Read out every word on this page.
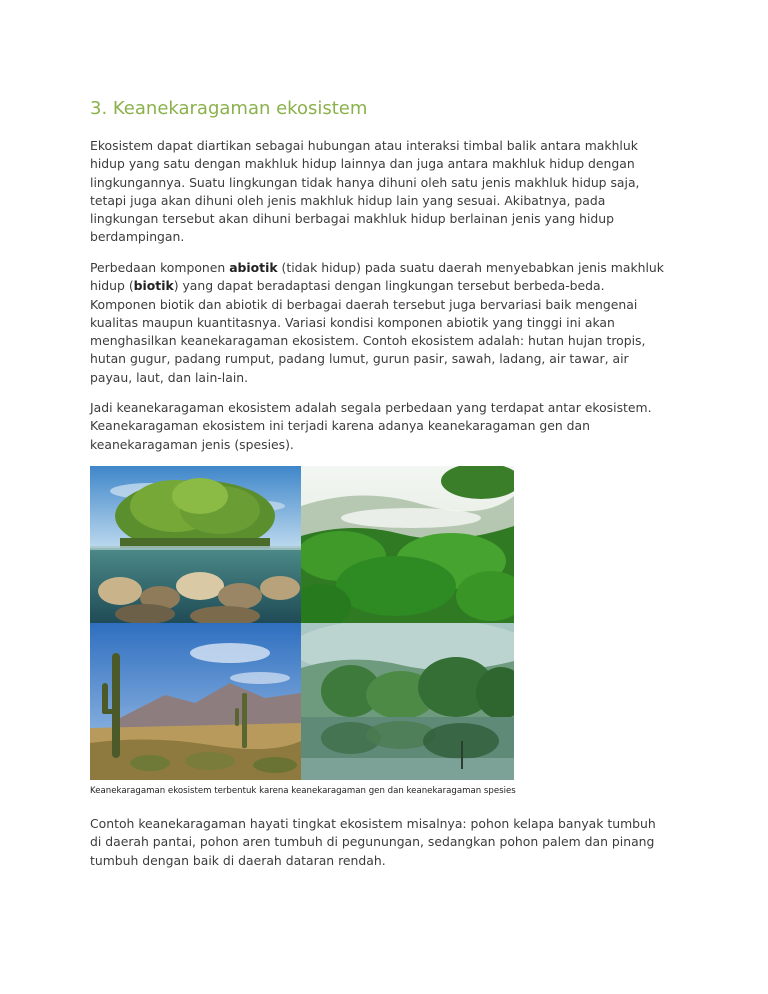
3. Keanekaragaman ekosistem

Ekosistem dapat diartikan sebagai hubungan atau interaksi timbal balik antara makhluk
hidup yang satu dengan makhluk hidup lainnya dan juga antara makhluk hidup dengan
lingkungannya. Suatu lingkungan tidak hanya dihuni oleh satu jenis makhluk hidup saja,
tetapi juga akan dihuni oleh jenis makhluk hidup lain yang sesuai. Akibatnya, pada
lingkungan tersebut akan dihuni berbagai makhluk hidup berlainan jenis yang hidup
berdampingan.

Perbedaan komponen abiotik (tidak hidup) pada suatu daerah menyebabkan jenis makhluk
hidup (biotik) yang dapat beradaptasi dengan lingkungan tersebut berbeda-beda.
Komponen biotik dan abiotik di berbagai daerah tersebut juga bervariasi baik mengenai
kualitas maupun kuantitasnya. Variasi kondisi komponen abiotik yang tinggi ini akan
menghasilkan keanekaragaman ekosistem. Contoh ekosistem adalah: hutan hujan tropis,
hutan gugur, padang rumput, padang lumut, gurun pasir, sawah, ladang, air tawar, air
payau, laut, dan lain-lain.

Jadi keanekaragaman ekosistem adalah segala perbedaan yang terdapat antar ekosistem.
Keanekaragaman ekosistem ini terjadi karena adanya keanekaragaman gen dan
keanekaragaman jenis (spesies).

Keanekaragaman ekosistem terbentuk karena keanekaragaman gen dan keanekaragaman spesies

Contoh keanekaragaman hayati tingkat ekosistem misalnya: pohon kelapa banyak tumbuh
di daerah pantai, pohon aren tumbuh di pegunungan, sedangkan pohon palem dan pinang
tumbuh dengan baik di daerah dataran rendah.
